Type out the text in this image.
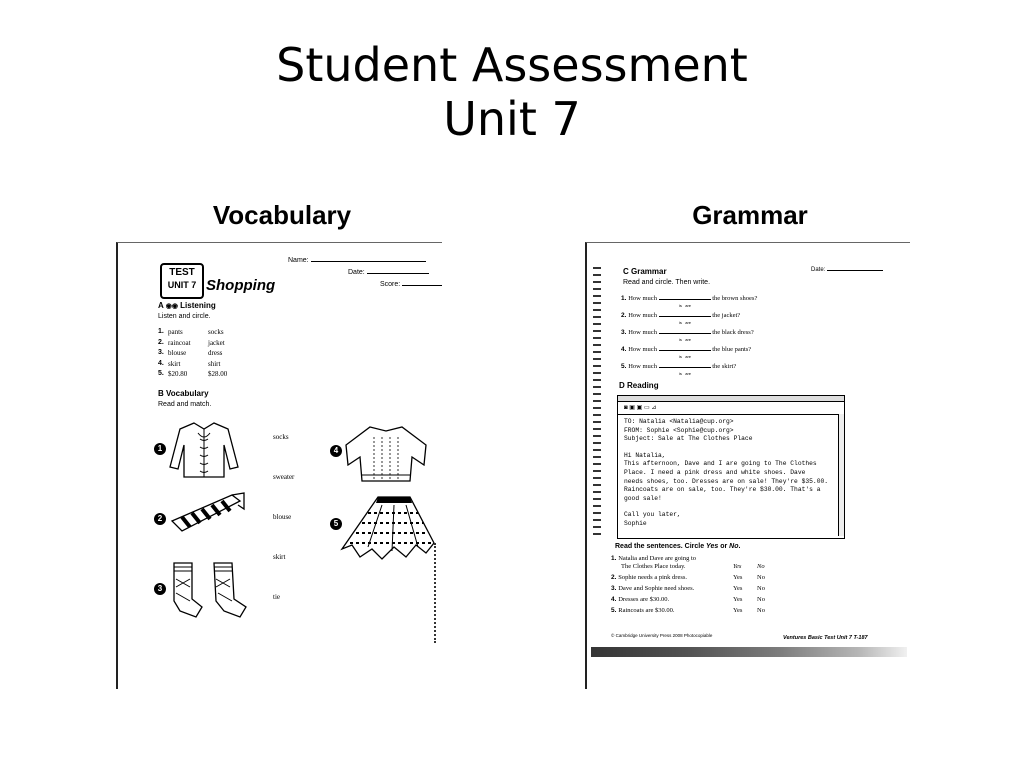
Student Assessment
Unit 7
Vocabulary	Grammar
Name:
Date:
Score:
TEST
UNIT 7 Shopping
A ◉◉ Listening
Listen and circle.
1. pants	socks
2. raincoat	jacket
3. blouse	dress
4. skirt	shirt
5. $20.80	$28.00
B Vocabulary
Read and match.
socks
sweater
blouse
skirt
tie
1
2
3
4
5
Date:
C Grammar
Read and circle. Then write.
1. How much	the brown shoes?
is   are
2. How much	the jacket?
is   are
3. How much	the black dress?
is   are
4. How much	the blue pants?
is   are
5. How much	the skirt?
is   are
D Reading
◙ ▣ ▣ ▭ ⊿
TO: Natalia <Natalia@cup.org>
FROM: Sophie <Sophie@cup.org>
Subject: Sale at The Clothes Place
Hi Natalia,
This afternoon, Dave and I are going to The Clothes
Place. I need a pink dress and white shoes. Dave
needs shoes, too. Dresses are on sale! They're $35.00.
Raincoats are on sale, too. They're $30.00. That's a
good sale!
Call you later,
Sophie
Read the sentences. Circle Yes or No.
1. Natalia and Dave are going to
The Clothes Place today.	Yes No
2. Sophie needs a pink dress.	Yes No
3. Dave and Sophie need shoes.	Yes No
4. Dresses are $30.00.	Yes No
5. Raincoats are $30.00.	Yes No
© Cambridge University Press 2008 Photocopiable	Ventures Basic Test Unit 7 T-187
